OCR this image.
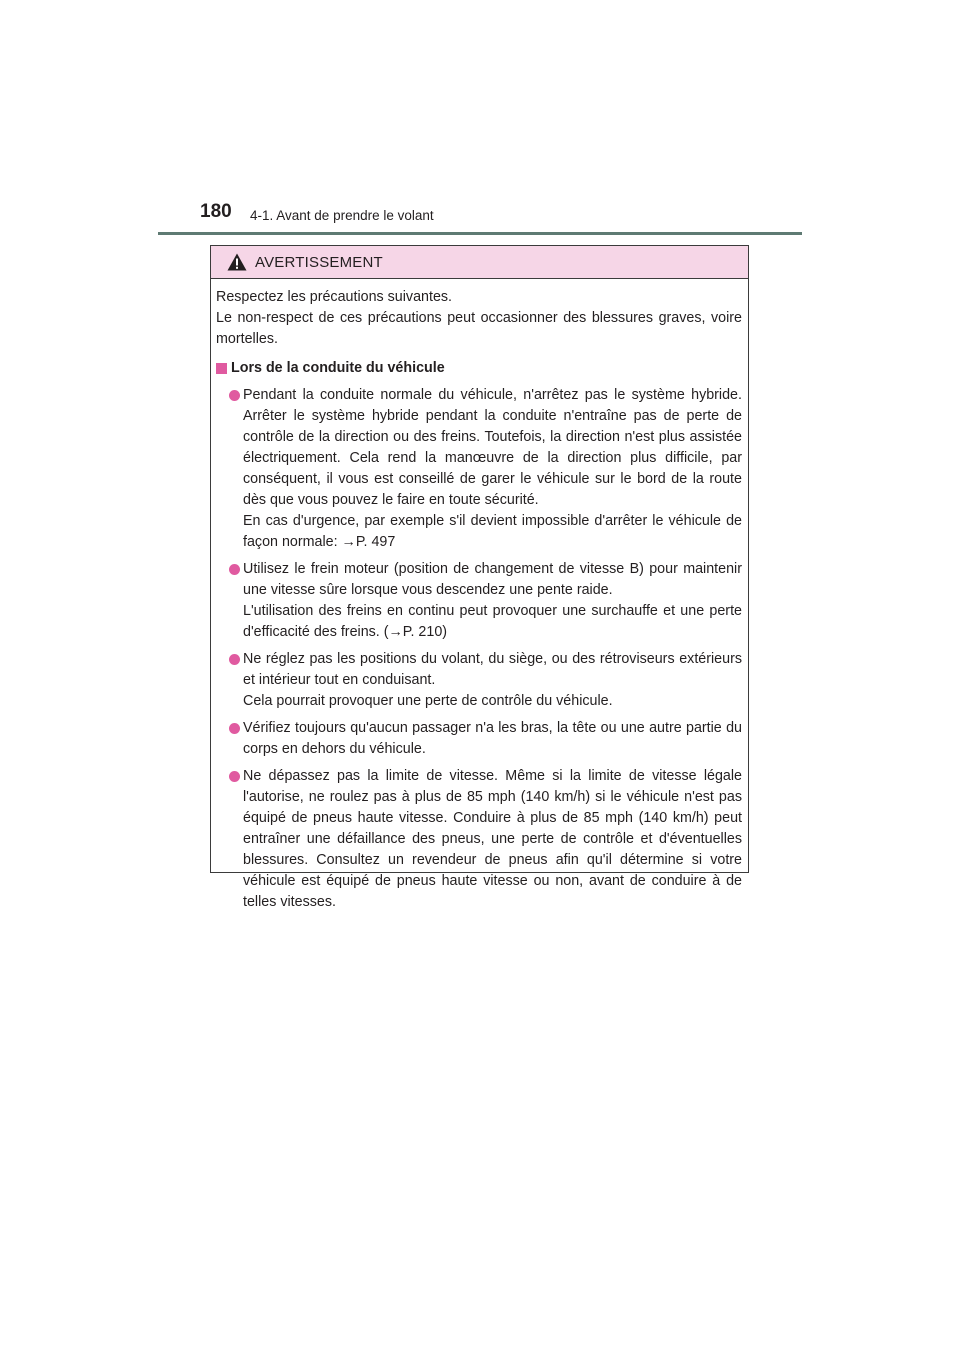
180 4-1. Avant de prendre le volant
AVERTISSEMENT

Respectez les précautions suivantes.

Le non-respect de ces précautions peut occasionner des blessures graves, voire mortelles.

Lors de la conduite du véhicule

Pendant la conduite normale du véhicule, n'arrêtez pas le système hybride. Arrêter le système hybride pendant la conduite n'entraîne pas de perte de contrôle de la direction ou des freins. Toutefois, la direction n'est plus assistée électriquement. Cela rend la manœuvre de la direction plus difficile, par conséquent, il vous est conseillé de garer le véhicule sur le bord de la route dès que vous pouvez le faire en toute sécurité.

En cas d'urgence, par exemple s'il devient impossible d'arrêter le véhicule de façon normale: →P. 497

Utilisez le frein moteur (position de changement de vitesse B) pour maintenir une vitesse sûre lorsque vous descendez une pente raide.

L'utilisation des freins en continu peut provoquer une surchauffe et une perte d'efficacité des freins. (→P. 210)

Ne réglez pas les positions du volant, du siège, ou des rétroviseurs extérieurs et intérieur tout en conduisant.

Cela pourrait provoquer une perte de contrôle du véhicule.

Vérifiez toujours qu'aucun passager n'a les bras, la tête ou une autre partie du corps en dehors du véhicule.

Ne dépassez pas la limite de vitesse. Même si la limite de vitesse légale l'autorise, ne roulez pas à plus de 85 mph (140 km/h) si le véhicule n'est pas équipé de pneus haute vitesse. Conduire à plus de 85 mph (140 km/h) peut entraîner une défaillance des pneus, une perte de contrôle et d'éventuelles blessures. Consultez un revendeur de pneus afin qu'il détermine si votre véhicule est équipé de pneus haute vitesse ou non, avant de conduire à de telles vitesses.
